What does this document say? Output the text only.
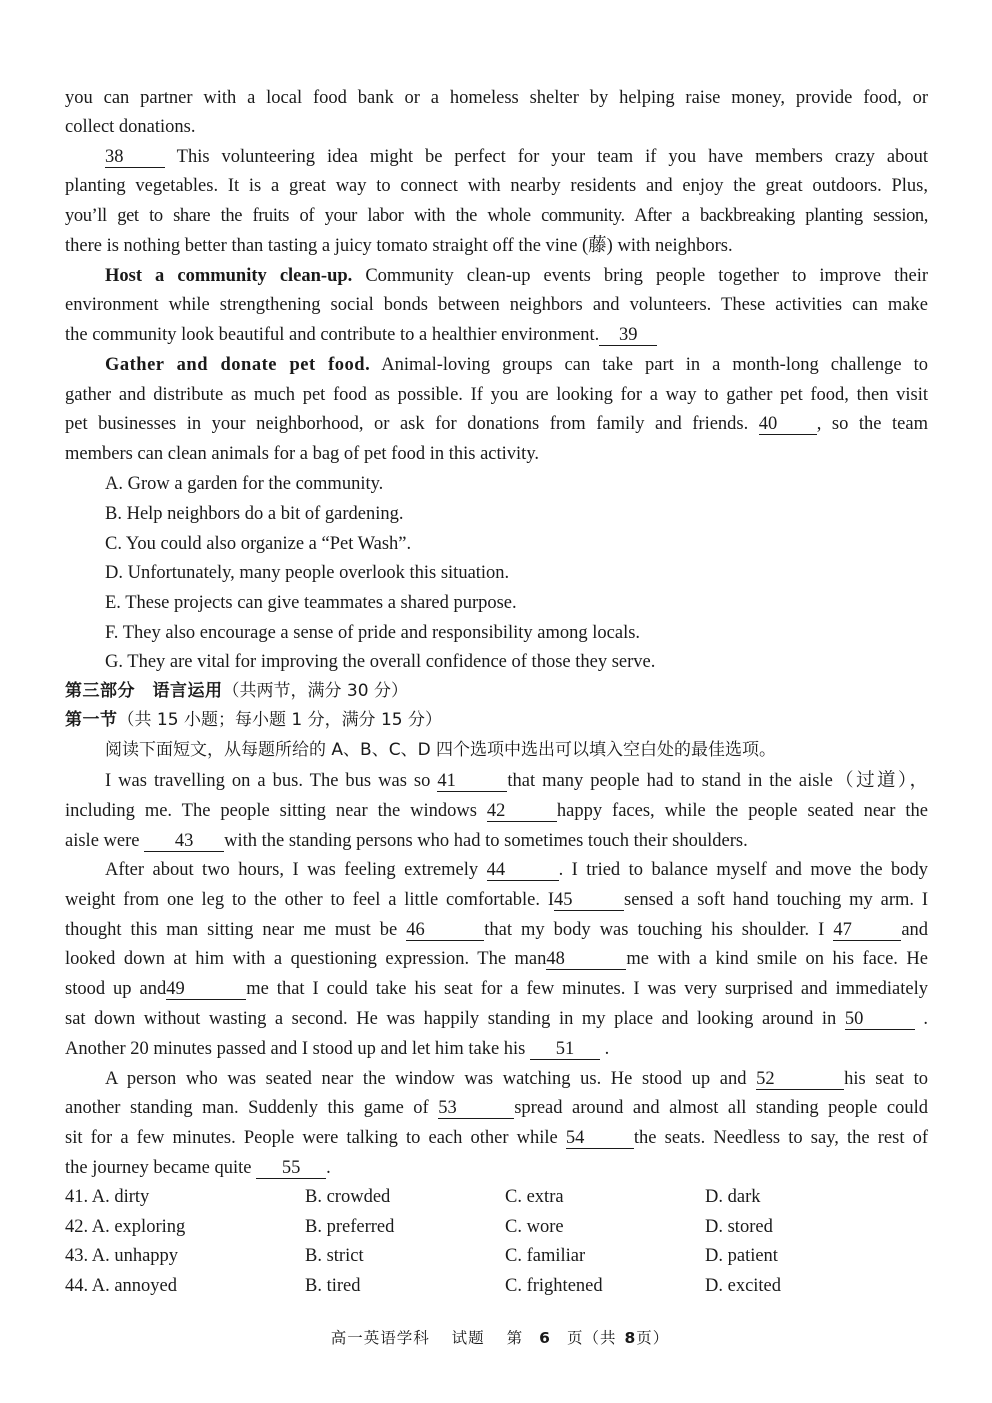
you can partner with a local food bank or a homeless shelter by helping raise money, provide food, or
collect donations.
38	This volunteering idea might be perfect for your team if you have members crazy about
planting vegetables. It is a great way to connect with nearby residents and enjoy the great outdoors. Plus,
you’ll get to share the fruits of your labor with the whole community. After a backbreaking planting session,
there is nothing better than tasting a juicy tomato straight off the vine (藤) with neighbors.
Host a community clean-up. Community clean-up events bring people together to improve their
environment while strengthening social bonds between neighbors and volunteers. These activities can make
the community look beautiful and contribute to a healthier environment. 39
Gather and donate pet food. Animal-loving groups can take part in a month-long challenge to
gather and distribute as much pet food as possible. If you are looking for a way to gather pet food, then visit
pet businesses in your neighborhood, or ask for donations from family and friends. 40 , so the team
members can clean animals for a bag of pet food in this activity.
A. Grow a garden for the community.
B. Help neighbors do a bit of gardening.
C. You could also organize a “Pet Wash”.
D. Unfortunately, many people overlook this situation.
E. These projects can give teammates a shared purpose.
F. They also encourage a sense of pride and responsibility among locals.
G. They are vital for improving the overall confidence of those they serve.
第三部分　语言运用（共两节，满分 30 分）
第一节（共 15 小题；每小题 1 分，满分 15 分）
阅读下面短文，从每题所给的 A、B、C、D 四个选项中选出可以填入空白处的最佳选项。
I was travelling on a bus. The bus was so 41	that many people had to stand in the aisle（过道），
including me. The people sitting near the windows 42	happy faces, while the people seated near the
aisle were 43 with the standing persons who had to sometimes touch their shoulders.
After about two hours, I was feeling extremely 44	. I tried to balance myself and move the body
weight from one leg to the other to feel a little comfortable. I45	sensed a soft hand touching my arm. I
thought this man sitting near me must be 46	that my body was touching his shoulder. I 47	and
looked down at him with a questioning expression. The man48	me with a kind smile on his face. He
stood up and49	me that I could take his seat for a few minutes. I was very surprised and immediately
sat down without wasting a second. He was happily standing in my place and looking around in 50	.
Another 20 minutes passed and I stood up and let him take his 51 .
A person who was seated near the window was watching us. He stood up and 52	his seat to
another standing man. Suddenly this game of 53	spread around and almost all standing people could
sit for a few minutes. People were talking to each other while 54	the seats. Needless to say, the rest of
the journey became quite 55 .
41. A. dirty	B. crowded	C. extra	D. dark
42. A. exploring	B. preferred	C. wore	D. stored
43. A. unhappy	B. strict	C. familiar	D. patient
44. A. annoyed	B. tired	C. frightened	D. excited
高一英语学科 试题 第 6 页（共 8页）
